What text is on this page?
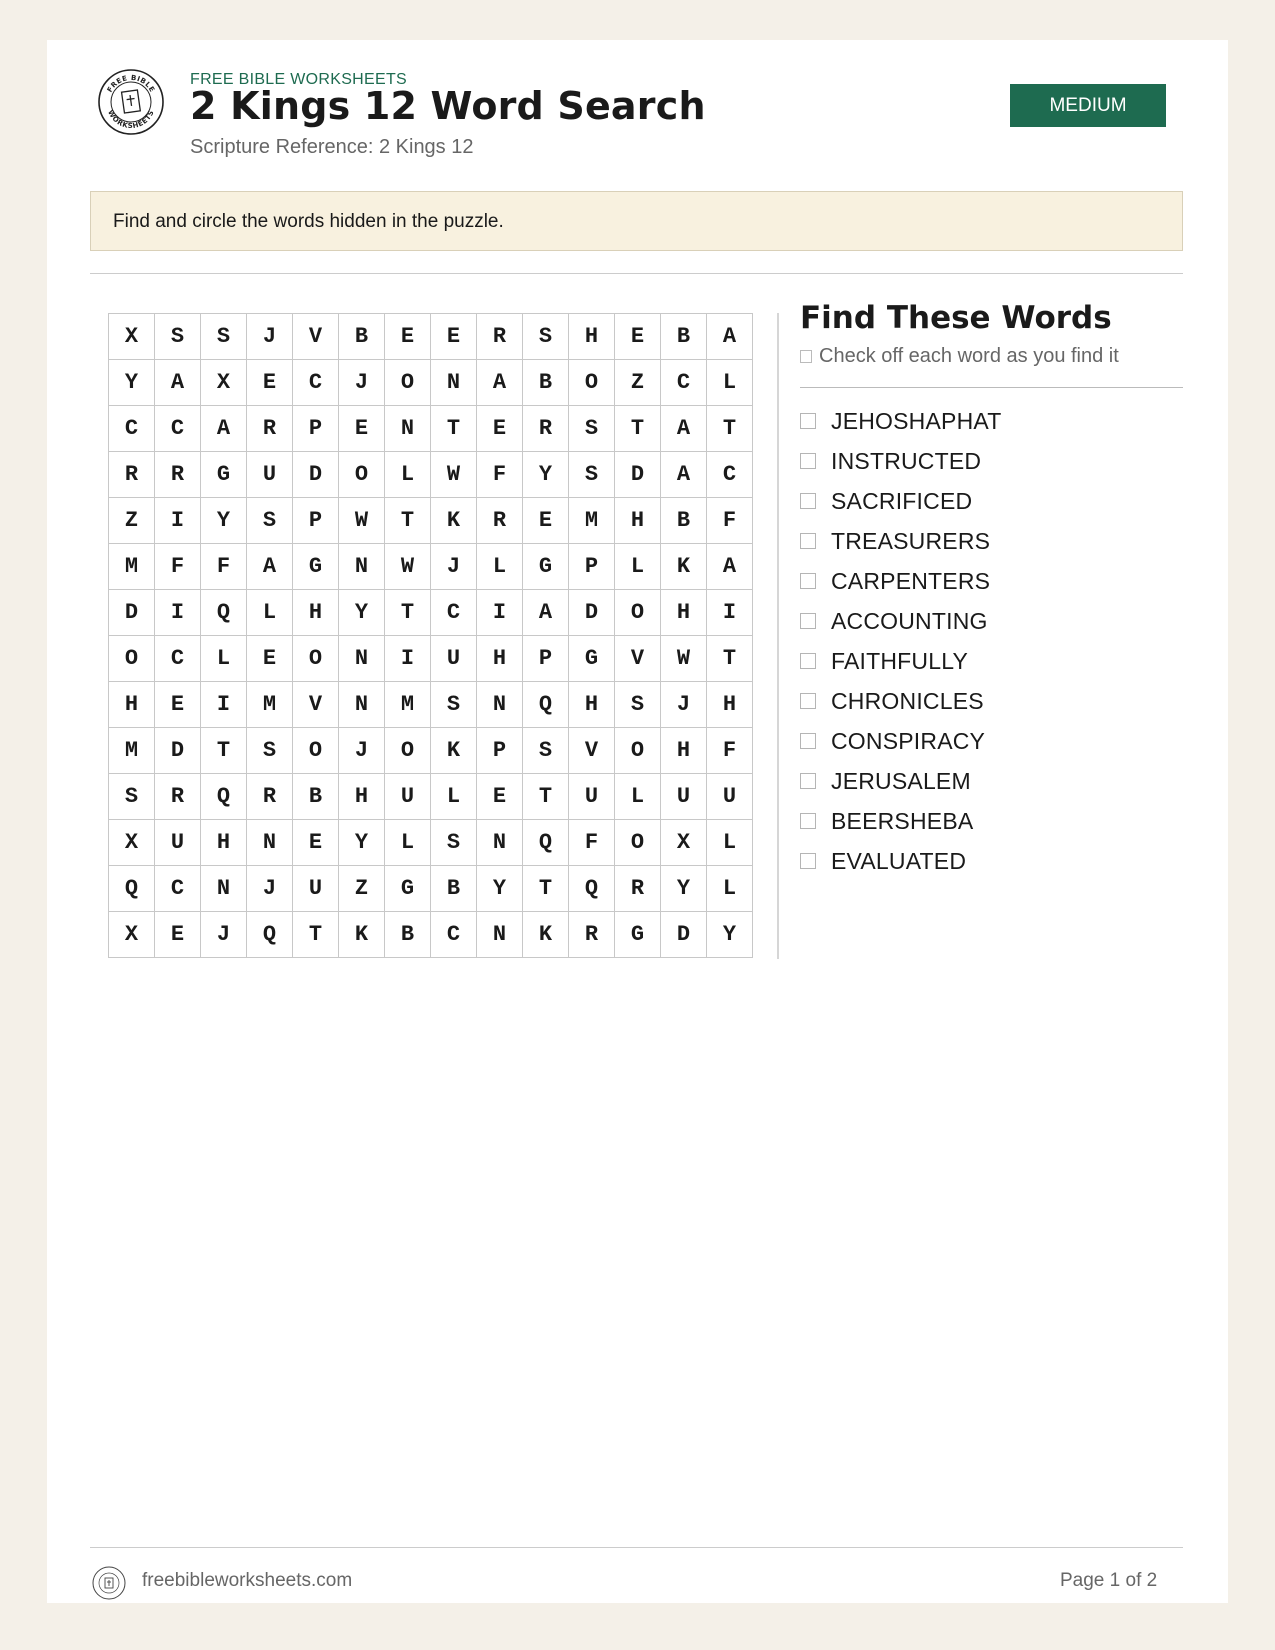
FREE BIBLE
WORKSHEETS
FREE BIBLE WORKSHEETS
2 Kings 12 Word Search
Scripture Reference: 2 Kings 12
MEDIUM
Find and circle the words hidden in the puzzle.
X	S	S	J	V	B	E	E	R	S	H	E	B	A
Y	A	X	E	C	J	O	N	A	B	O	Z	C	L
C	C	A	R	P	E	N	T	E	R	S	T	A	T
R	R	G	U	D	O	L	W	F	Y	S	D	A	C
Z	I	Y	S	P	W	T	K	R	E	M	H	B	F
M	F	F	A	G	N	W	J	L	G	P	L	K	A
D	I	Q	L	H	Y	T	C	I	A	D	O	H	I
O	C	L	E	O	N	I	U	H	P	G	V	W	T
H	E	I	M	V	N	M	S	N	Q	H	S	J	H
M	D	T	S	O	J	O	K	P	S	V	O	H	F
S	R	Q	R	B	H	U	L	E	T	U	L	U	U
X	U	H	N	E	Y	L	S	N	Q	F	O	X	L
Q	C	N	J	U	Z	G	B	Y	T	Q	R	Y	L
X	E	J	Q	T	K	B	C	N	K	R	G	D	Y
Find These Words
Check off each word as you find it
JEHOSHAPHAT
INSTRUCTED
SACRIFICED
TREASURERS
CARPENTERS
ACCOUNTING
FAITHFULLY
CHRONICLES
CONSPIRACY
JERUSALEM
BEERSHEBA
EVALUATED
freebibleworksheets.com	Page 1 of 2
